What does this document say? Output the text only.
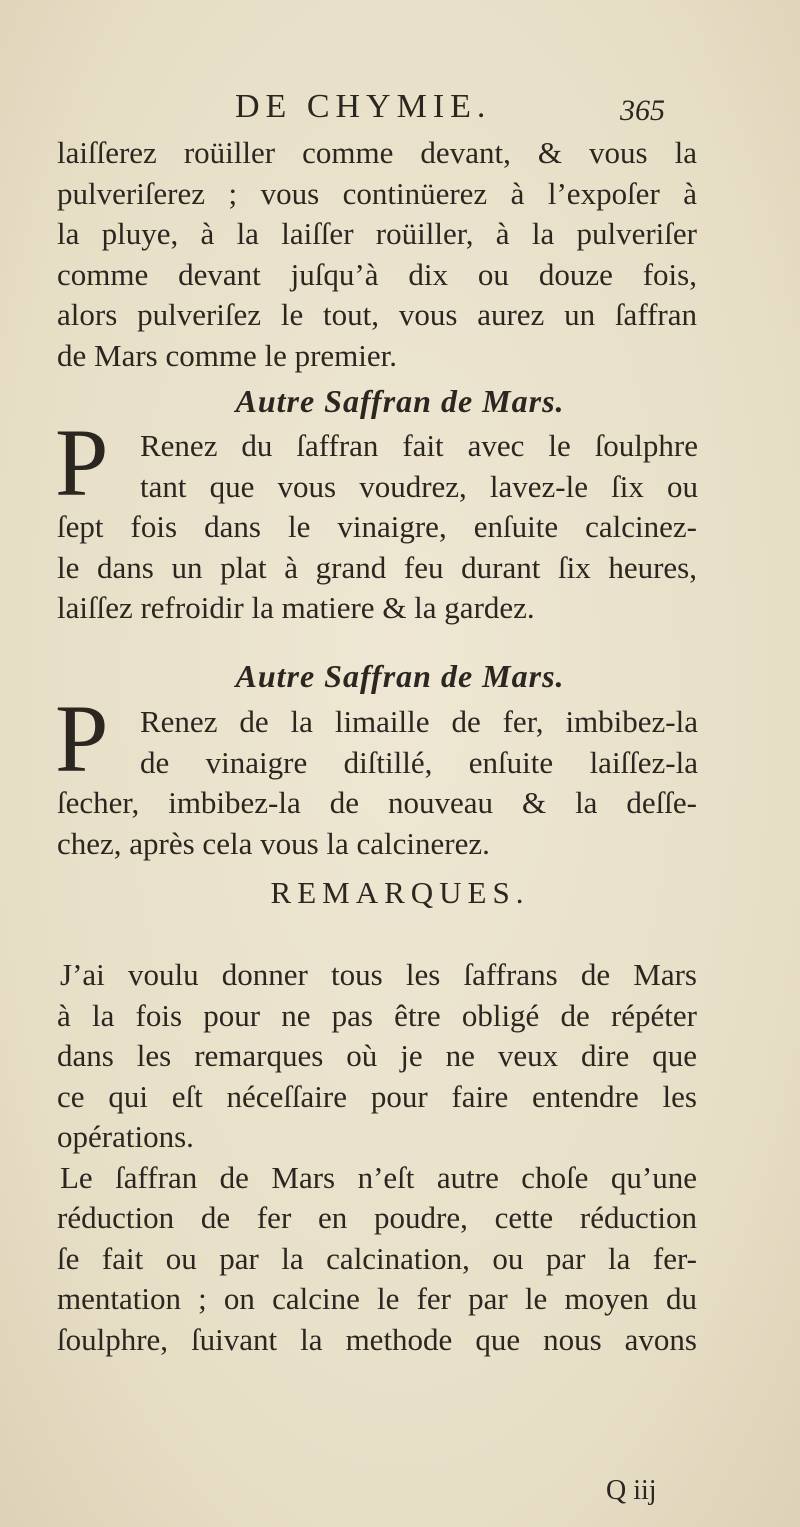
DE CHYMIE.	365
laiſſerez roüiller comme devant, & vous la
pulveriſerez ; vous continüerez à l’expoſer à
la pluye, à la laiſſer roüiller, à la pulveriſer
comme devant juſqu’à dix ou douze fois,
alors pulveriſez le tout, vous aurez un ſaffran
de Mars comme le premier.
Autre Saffran de Mars.
P Renez du ſaffran fait avec le ſoulphre
tant que vous voudrez, lavez-le ſix ou
ſept fois dans le vinaigre, enſuite calcinez-
le dans un plat à grand feu durant ſix heures,
laiſſez refroidir la matiere & la gardez.
Autre Saffran de Mars.
P Renez de la limaille de fer, imbibez-la
de vinaigre diſtillé, enſuite laiſſez-la
ſecher, imbibez-la de nouveau & la deſſe-
chez, après cela vous la calcinerez.
REMARQUES.
J’ai voulu donner tous les ſaffrans de Mars
à la fois pour ne pas être obligé de répéter
dans les remarques où je ne veux dire que
ce qui eſt néceſſaire pour faire entendre les
opérations.
Le ſaffran de Mars n’eſt autre choſe qu’une
réduction de fer en poudre, cette réduction
ſe fait ou par la calcination, ou par la fer-
mentation ; on calcine le fer par le moyen du
ſoulphre, ſuivant la methode que nous avons
Q iij
